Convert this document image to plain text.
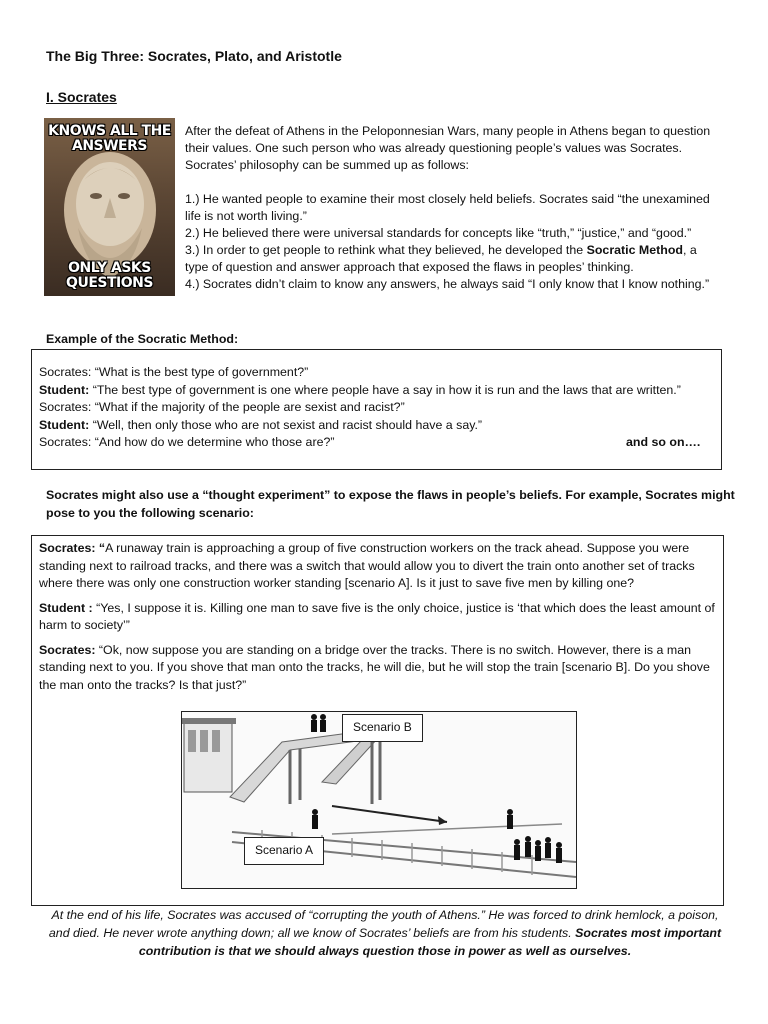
The Big Three: Socrates, Plato, and Aristotle
I. Socrates
KNOWS ALL THE ANSWERS
ONLY ASKS QUESTIONS

After the defeat of Athens in the Peloponnesian Wars, many people in Athens began to question their values. One such person who was already questioning people’s values was Socrates. Socrates’ philosophy can be summed up as follows:

1.) He wanted people to examine their most closely held beliefs. Socrates said “the unexamined life is not worth living.”

2.) He believed there were universal standards for concepts like “truth,” “justice,” and “good.”

3.) In order to get people to rethink what they believed, he developed the Socratic Method, a type of question and answer approach that exposed the flaws in peoples’ thinking.

4.) Socrates didn’t claim to know any answers, he always said “I only know that I know nothing.”

Example of the Socratic Method:
Socrates: “What is the best type of government?”
Student: “The best type of government is one where people have a say in how it is run and the laws that are written.”
Socrates: “What if the majority of the people are sexist and racist?”
Student: “Well, then only those who are not sexist and racist should have a say.”
Socrates: “And how do we determine who those are?”	and so on….
Socrates might also use a “thought experiment” to expose the flaws in people’s beliefs. For example, Socrates might pose to you the following scenario:

Socrates: “A runaway train is approaching a group of five construction workers on the track ahead. Suppose you were standing next to railroad tracks, and there was a switch that would allow you to divert the train onto another set of tracks where there was only one construction worker standing [scenario A]. Is it just to save five men by killing one?

Student : “Yes, I suppose it is. Killing one man to save five is the only choice, justice is ‘that which does the least amount of harm to society’”

Socrates: “Ok, now suppose you are standing on a bridge over the tracks. There is no switch. However, there is a man standing next to you. If you shove that man onto the tracks, he will die, but he will stop the train [scenario B]. Do you shove the man onto the tracks? Is that just?”

Scenario B
Scenario A
At the end of his life, Socrates was accused of “corrupting the youth of Athens.” He was forced to drink hemlock, a poison, and died. He never wrote anything down; all we know of Socrates’ beliefs are from his students. Socrates most important contribution is that we should always question those in power as well as ourselves.
